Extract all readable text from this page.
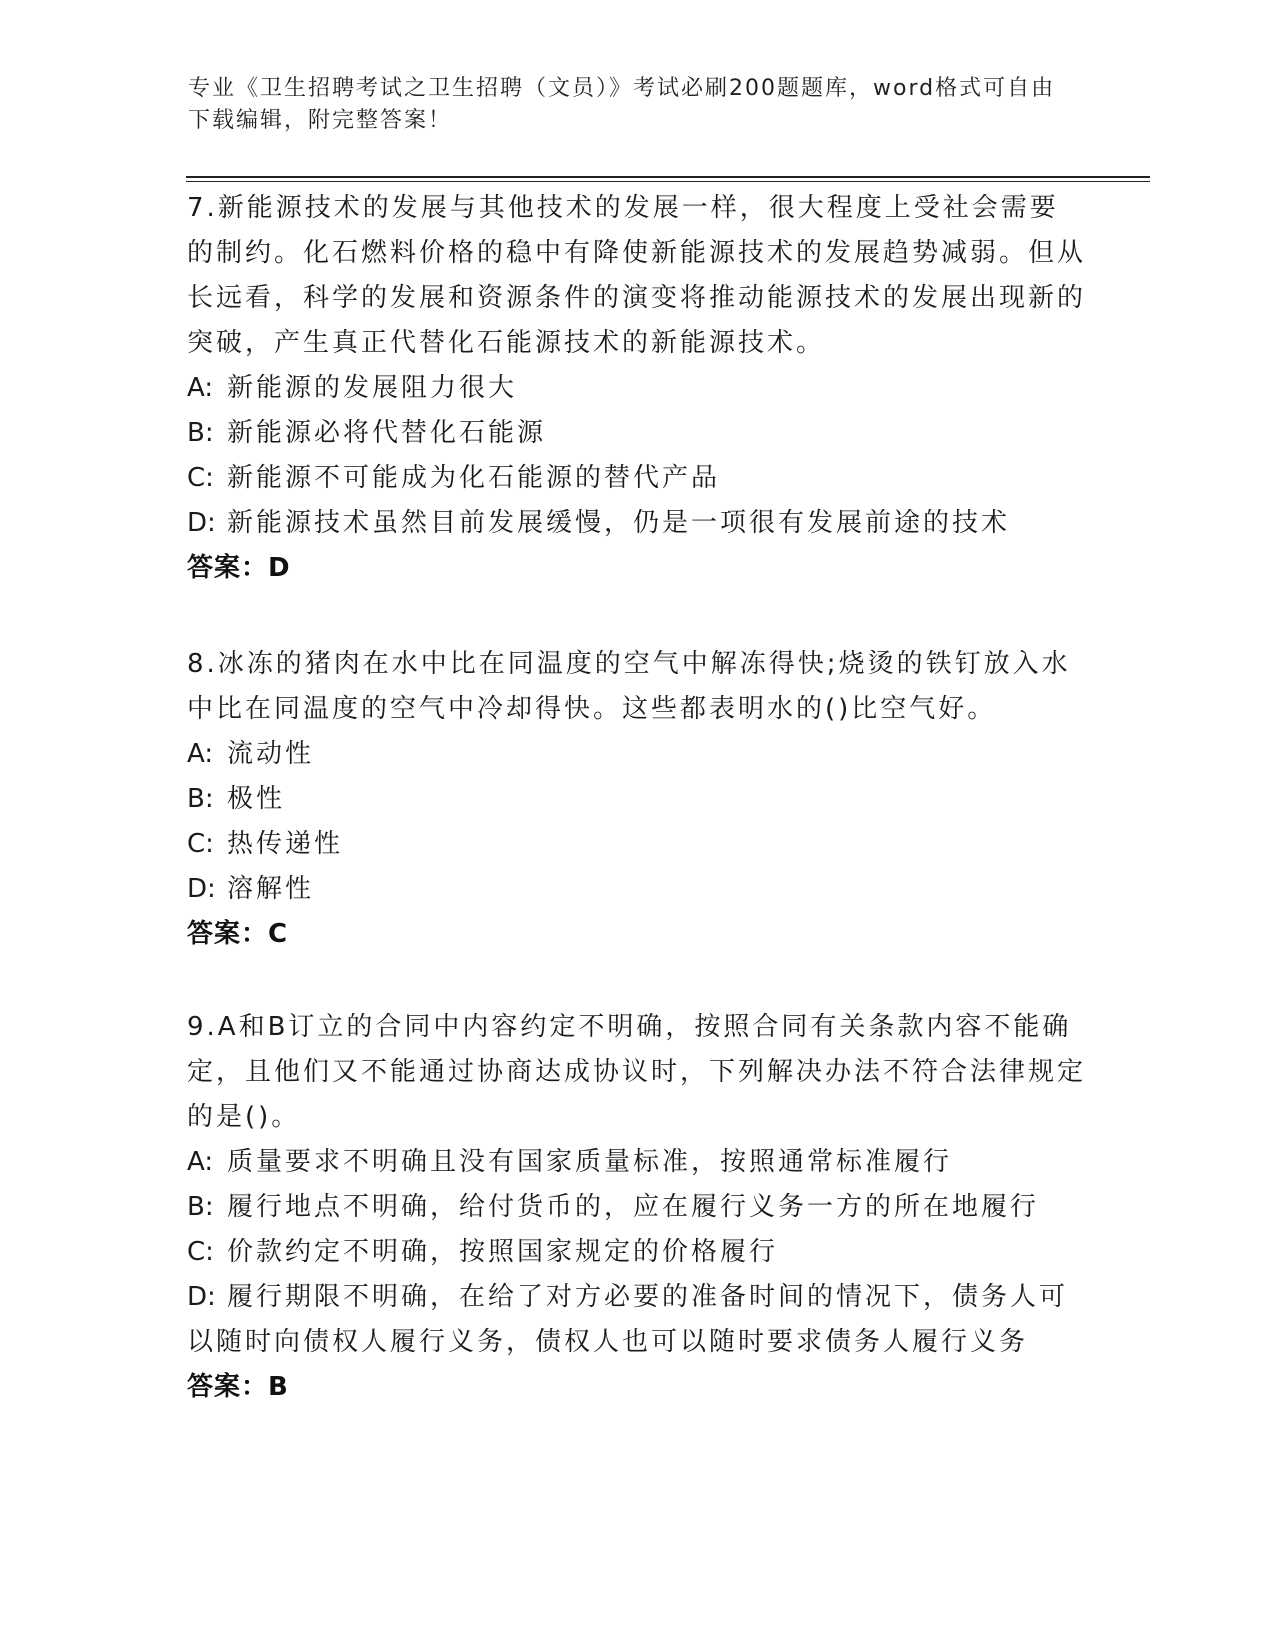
专业《卫生招聘考试之卫生招聘（文员）》考试必刷200题题库，word格式可自由下载编辑，附完整答案！

7.新能源技术的发展与其他技术的发展一样，很大程度上受社会需要的制约。化石燃料价格的稳中有降使新能源技术的发展趋势减弱。但从长远看，科学的发展和资源条件的演变将推动能源技术的发展出现新的突破，产生真正代替化石能源技术的新能源技术。

A: 新能源的发展阻力很大

B: 新能源必将代替化石能源

C: 新能源不可能成为化石能源的替代产品

D: 新能源技术虽然目前发展缓慢，仍是一项很有发展前途的技术

答案：D

8.冰冻的猪肉在水中比在同温度的空气中解冻得快;烧烫的铁钉放入水中比在同温度的空气中冷却得快。这些都表明水的()比空气好。

A: 流动性

B: 极性

C: 热传递性

D: 溶解性

答案：C

9.A和B订立的合同中内容约定不明确，按照合同有关条款内容不能确定，且他们又不能通过协商达成协议时，下列解决办法不符合法律规定的是()。

A: 质量要求不明确且没有国家质量标准，按照通常标准履行

B: 履行地点不明确，给付货币的，应在履行义务一方的所在地履行

C: 价款约定不明确，按照国家规定的价格履行

D: 履行期限不明确，在给了对方必要的准备时间的情况下，债务人可以随时向债权人履行义务，债权人也可以随时要求债务人履行义务

答案：B
